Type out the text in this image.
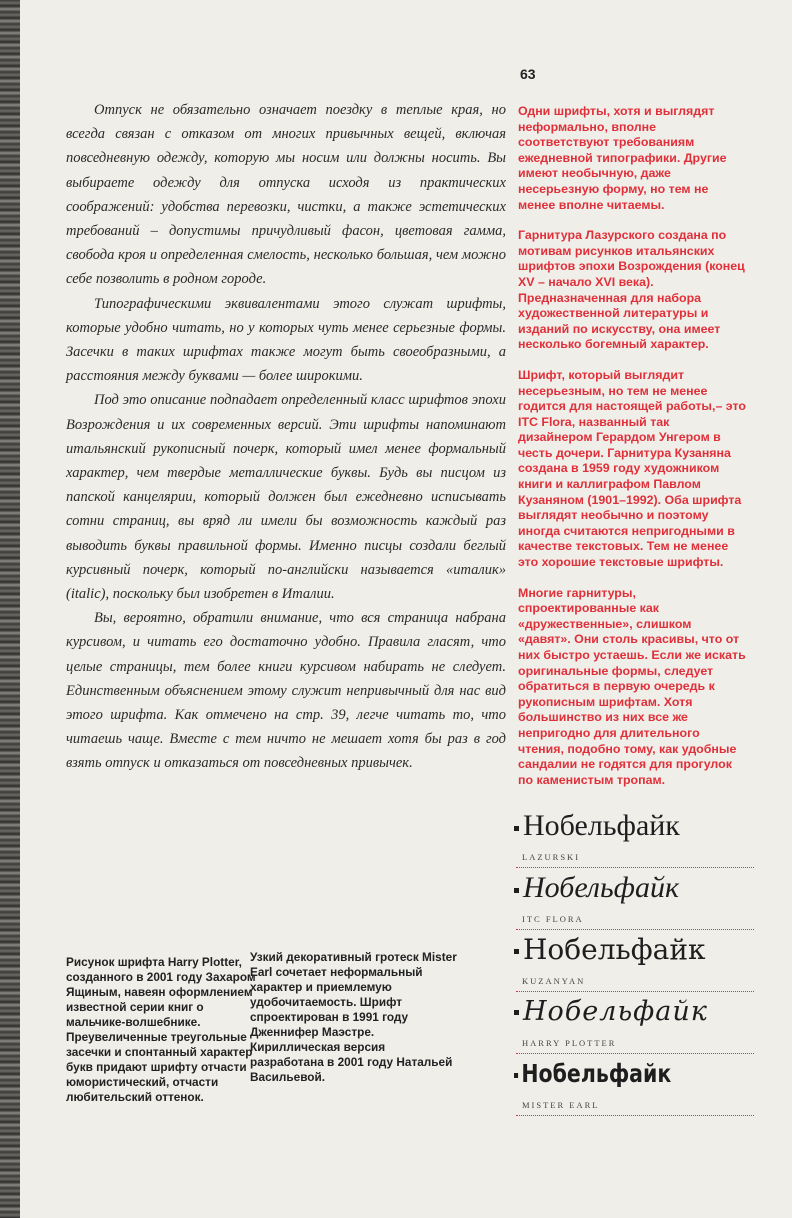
63

Отпуск не обязательно означает поездку в теплые края, но всегда связан с отказом от многих привычных вещей, включая повседневную одежду, которую мы носим или должны носить. Вы выбираете одежду для отпуска исходя из практических соображений: удобства перевозки, чистки, а также эстетических требований – допустимы причудливый фасон, цветовая гамма, свобода кроя и определенная смелость, несколько большая, чем можно себе позволить в родном городе.

Типографическими эквивалентами этого служат шрифты, которые удобно читать, но у которых чуть менее серьезные формы. Засечки в таких шрифтах также могут быть своеобразными, а расстояния между буквами — более широкими.

Под это описание подпадает определенный класс шрифтов эпохи Возрождения и их современных версий. Эти шрифты напоминают итальянский рукописный почерк, который имел менее формальный характер, чем твердые металлические буквы. Будь вы писцом из папской канцелярии, который должен был ежедневно исписывать сотни страниц, вы вряд ли имели бы возможность каждый раз выводить буквы правильной формы. Именно писцы создали беглый курсивный почерк, который по-английски называется «италик» (italic), поскольку был изобретен в Италии.

Вы, вероятно, обратили внимание, что вся страница набрана курсивом, и читать его достаточно удобно. Правила гласят, что целые страницы, тем более книги курсивом набирать не следует. Единственным объяснением этому служит непривычный для нас вид этого шрифта. Как отмечено на стр. 39, легче читать то, что читаешь чаще. Вместе с тем ничто не мешает хотя бы раз в год взять отпуск и отказаться от повседневных привычек.

Одни шрифты, хотя и выглядят неформально, вполне соответствуют требованиям ежедневной типографики. Другие имеют необычную, даже несерьезную форму, но тем не менее вполне читаемы.

Гарнитура Лазурского создана по мотивам рисунков итальянских шрифтов эпохи Возрождения (конец XV – начало XVI века). Предназначенная для набора художественной литературы и изданий по искусству, она имеет несколько богемный характер.

Шрифт, который выглядит несерьезным, но тем не менее годится для настоящей работы,– это ITC Flora, названный так дизайнером Герардом Унгером в честь дочери. Гарнитура Кузаняна создана в 1959 году художником книги и каллиграфом Павлом Кузаняном (1901–1992). Оба шрифта выглядят необычно и поэтому иногда считаются непригодными в качестве текстовых. Тем не менее это хорошие текстовые шрифты.

Многие гарнитуры, спроектированные как «дружественные», слишком «давят». Они столь красивы, что от них быстро устаешь. Если же искать оригинальные формы, следует обратиться в первую очередь к рукописным шрифтам. Хотя большинство из них все же непригодно для длительного чтения, подобно тому, как удобные сандалии не годятся для прогулок по каменистым тропам.

Нобельфайк
LAZURSKI
Нобельфайк
ITC FLORA
Нобельфайк
KUZANYAN
Нобельфайк
HARRY PLOTTER
Нобельфайк
MISTER EARL
Рисунок шрифта Harry Plotter, созданного в 2001 году Захаром Ящиным, навеян оформлением известной серии книг о мальчике-волшебнике. Преувеличенные треугольные засечки и спонтанный характер букв придают шрифту отчасти юмористический, отчасти любительский оттенок.
Узкий декоративный гротеск Mister Earl сочетает неформальный характер и приемлемую удобочитаемость. Шрифт спроектирован в 1991 году Дженнифер Маэстре. Кириллическая версия разработана в 2001 году Натальей Васильевой.
